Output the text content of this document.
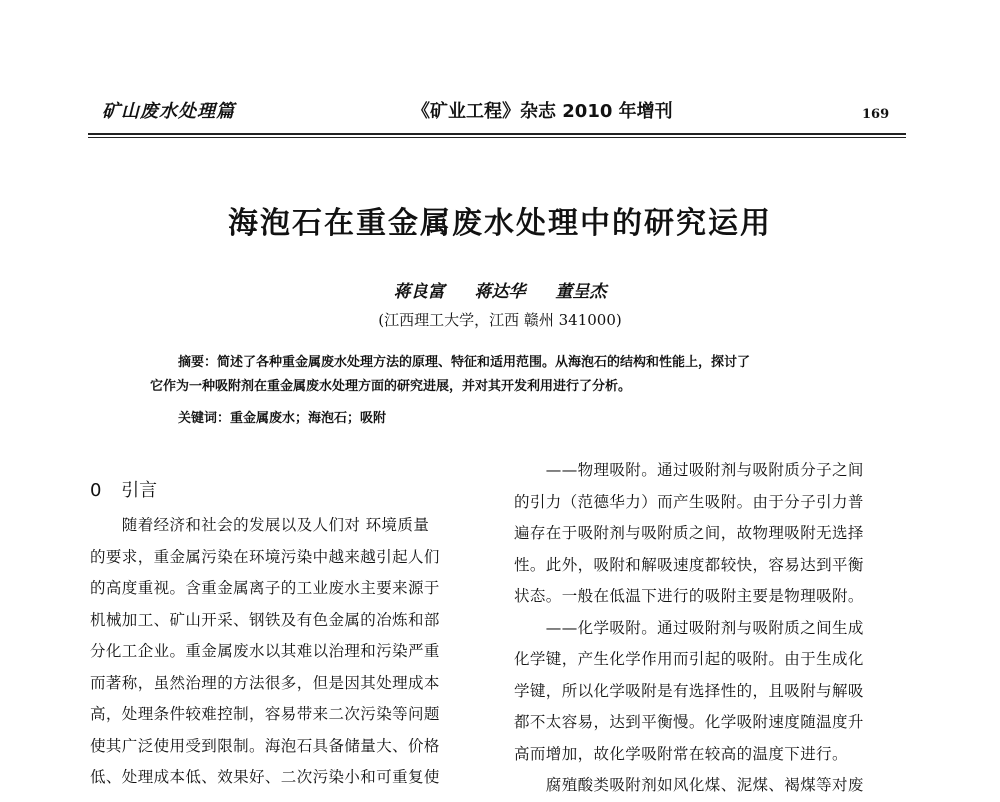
矿山废水处理篇	《矿业工程》杂志 2010 年增刊	169
海泡石在重金属废水处理中的研究运用
蒋良富 蒋达华 董呈杰
(江西理工大学，江西 赣州 341000)

摘要：简述了各种重金属废水处理方法的原理、特征和适用范围。从海泡石的结构和性能上，探讨了

它作为一种吸附剂在重金属废水处理方面的研究进展，并对其开发利用进行了分析。

关键词：重金属废水；海泡石；吸附
0 引言

　　随着经济和社会的发展以及人们对 环境质量

的要求，重金属污染在环境污染中越来越引起人们

的高度重视。含重金属离子的工业废水主要来源于

机械加工、矿山开采、钢铁及有色金属的冶炼和部

分化工企业。重金属废水以其难以治理和污染严重

而著称，虽然治理的方法很多，但是因其处理成本

高，处理条件较难控制，容易带来二次污染等问题

使其广泛使用受到限制。海泡石具备储量大、价格

低、处理成本低、效果好、二次污染小和可重复使

　　——物理吸附。通过吸附剂与吸附质分子之间

的引力（范德华力）而产生吸附。由于分子引力普

遍存在于吸附剂与吸附质之间，故物理吸附无选择

性。此外，吸附和解吸速度都较快，容易达到平衡

状态。一般在低温下进行的吸附主要是物理吸附。

　　——化学吸附。通过吸附剂与吸附质之间生成

化学键，产生化学作用而引起的吸附。由于生成化

学键，所以化学吸附是有选择性的，且吸附与解吸

都不太容易，达到平衡慢。化学吸附速度随温度升

高而增加，故化学吸附常在较高的温度下进行。

　　腐殖酸类吸附剂如风化煤、泥煤、褐煤等对废
